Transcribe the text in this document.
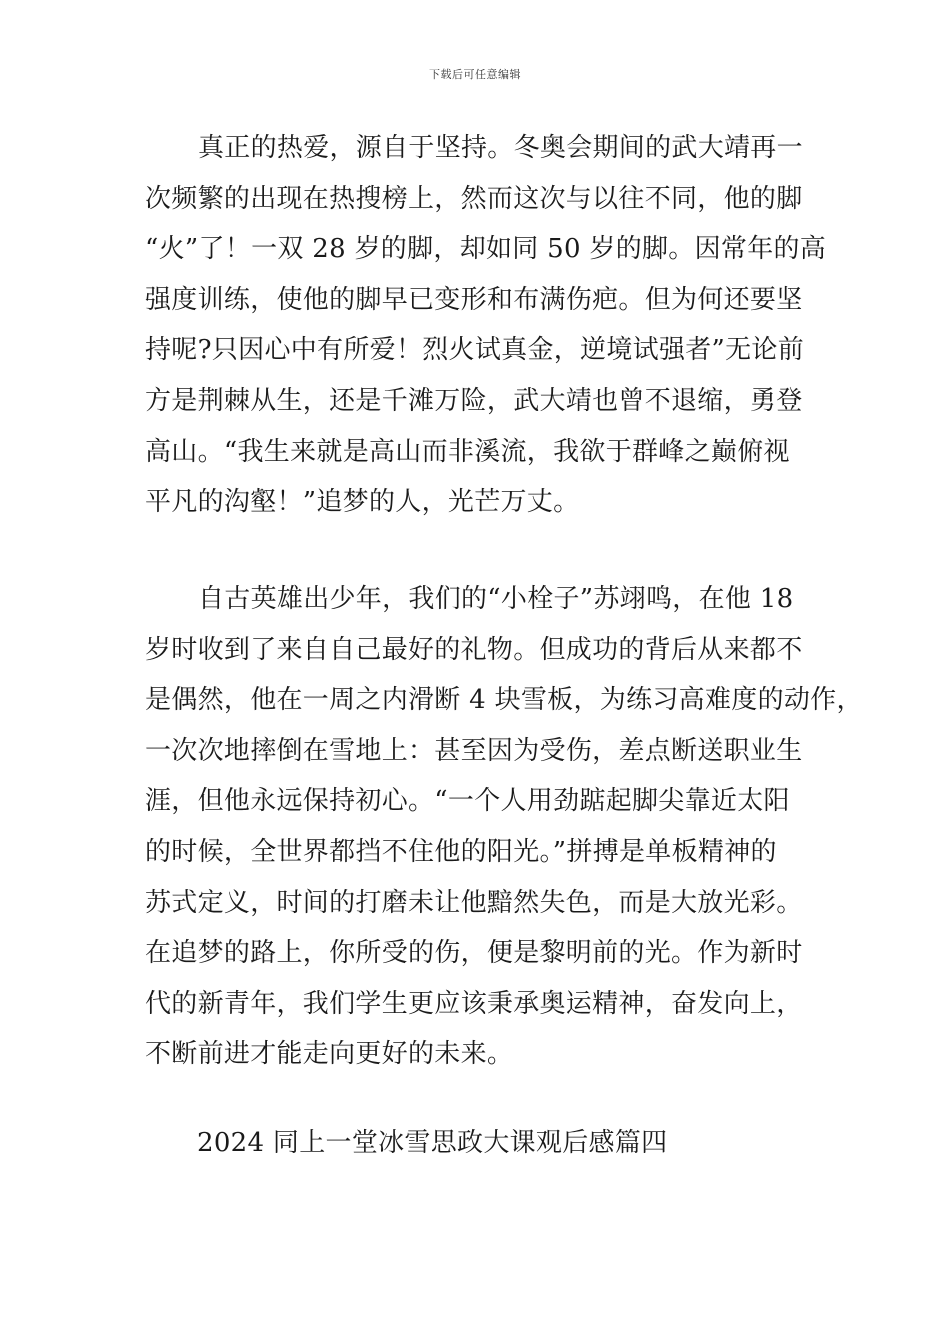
下载后可任意编辑
真正的热爱，源自于坚持。冬奥会期间的武大靖再一
次频繁的出现在热搜榜上，然而这次与以往不同，他的脚
“火”了！一双 28 岁的脚，却如同 50 岁的脚。因常年的高
强度训练，使他的脚早已变形和布满伤疤。但为何还要坚
持呢?只因心中有所爱！烈火试真金，逆境试强者”无论前
方是荆棘从生，还是千滩万险，武大靖也曾不退缩，勇登
高山。“我生来就是高山而非溪流，我欲于群峰之巅俯视
平凡的沟壑！”追梦的人，光芒万丈。
自古英雄出少年，我们的“小栓子”苏翊鸣，在他 18
岁时收到了来自自己最好的礼物。但成功的背后从来都不
是偶然，他在一周之内滑断 4 块雪板，为练习高难度的动作，
一次次地摔倒在雪地上：甚至因为受伤，差点断送职业生
涯，但他永远保持初心。“一个人用劲踮起脚尖靠近太阳
的时候，全世界都挡不住他的阳光。”拼搏是单板精神的
苏式定义，时间的打磨未让他黯然失色，而是大放光彩。
在追梦的路上，你所受的伤，便是黎明前的光。作为新时
代的新青年，我们学生更应该秉承奥运精神，奋发向上，
不断前进才能走向更好的未来。
2024 同上一堂冰雪思政大课观后感篇四
